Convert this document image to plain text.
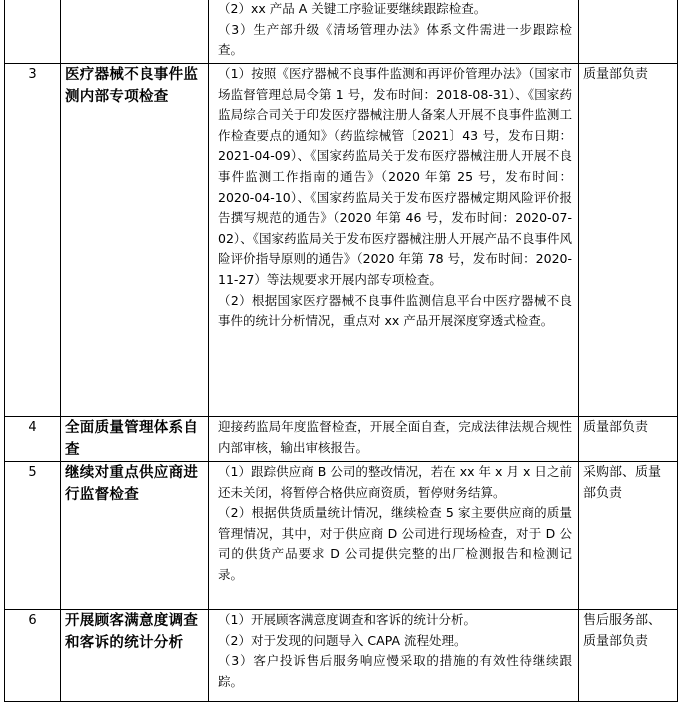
		（2）xx 产品 A 关键工序验证要继续跟踪检查。

（3）生产部升级《清场管理办法》体系文件需进一步跟踪检查。	

3	医疗器械不良事件监测内部专项检查	（1）按照《医疗器械不良事件监测和再评价管理办法》（国家市场监督管理总局令第 1 号，发布时间：2018-08-31）、《国家药监局综合司关于印发医疗器械注册人备案人开展不良事件监测工作检查要点的通知》（药监综械管〔2021〕43 号，发布日期：2021-04-09）、《国家药监局关于发布医疗器械注册人开展不良事件监测工作指南的通告》（2020 年第 25 号，发布时间：2020-04-10）、《国家药监局关于发布医疗器械定期风险评价报告撰写规范的通告》（2020 年第 46 号，发布时间：2020-07-02）、《国家药监局关于发布医疗器械注册人开展产品不良事件风险评价指导原则的通告》（2020 年第 78 号，发布时间：2020-11-27）等法规要求开展内部专项检查。

（2）根据国家医疗器械不良事件监测信息平台中医疗器械不良事件的统计分析情况，重点对 xx 产品开展深度穿透式检查。	质量部负责
4	全面质量管理体系自查	迎接药监局年度监督检查，开展全面自查，完成法律法规合规性内部审核，输出审核报告。	质量部负责
5	继续对重点供应商进行监督检查	（1）跟踪供应商 B 公司的整改情况，若在 xx 年 x 月 x 日之前还未关闭，将暂停合格供应商资质，暂停财务结算。

（2）根据供货质量统计情况，继续检查 5 家主要供应商的质量管理情况，其中，对于供应商 D 公司进行现场检查，对于 D 公司的供货产品要求 D 公司提供完整的出厂检测报告和检测记录。	采购部、质量部负责
6	开展顾客满意度调查和客诉的统计分析	（1）开展顾客满意度调查和客诉的统计分析。

（2）对于发现的问题导入 CAPA 流程处理。

（3）客户投诉售后服务响应慢采取的措施的有效性待继续跟踪。	售后服务部、质量部负责
